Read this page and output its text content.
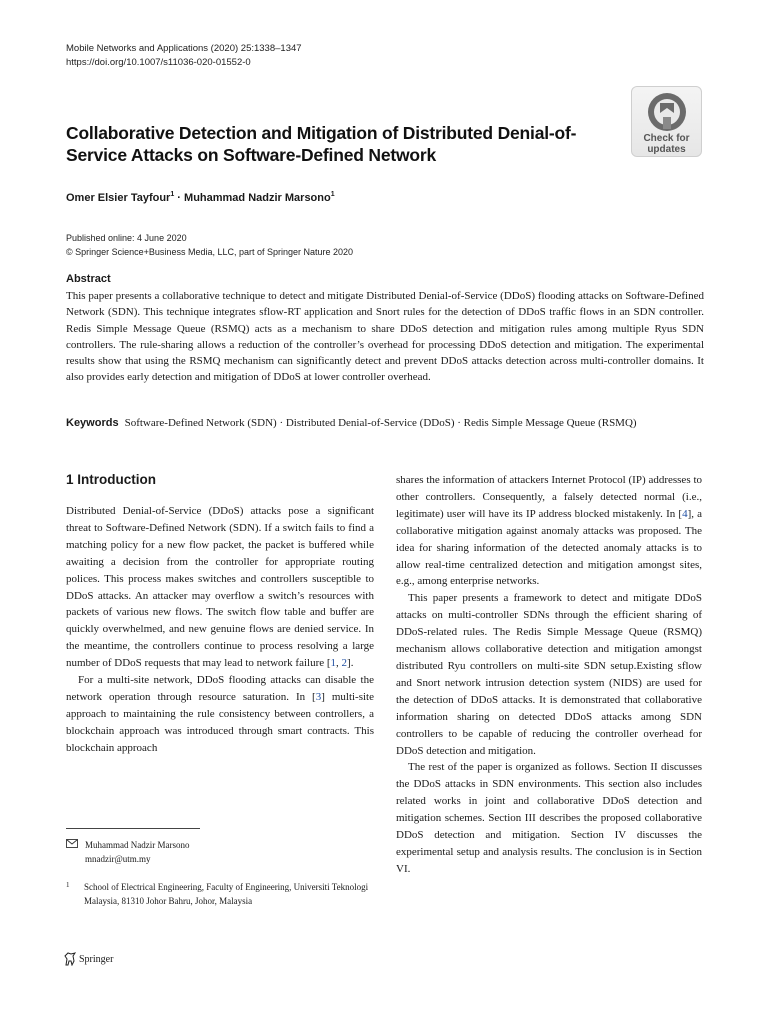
Mobile Networks and Applications (2020) 25:1338–1347
https://doi.org/10.1007/s11036-020-01552-0
Check for
updates
Collaborative Detection and Mitigation of Distributed Denial-of-Service Attacks on Software-Defined Network
Omer Elsier Tayfour$^1$ · Muhammad Nadzir Marsono$^1$
Published online: 4 June 2020
© Springer Science+Business Media, LLC, part of Springer Nature 2020
Abstract
This paper presents a collaborative technique to detect and mitigate Distributed Denial-of-Service (DDoS) flooding attacks on Software-Defined Network (SDN). This technique integrates sflow-RT application and Snort rules for the detection of DDoS traffic flows in an SDN controller. Redis Simple Message Queue (RSMQ) acts as a mechanism to share DDoS detection and mitigation rules among multiple Ryus SDN controllers. The rule-sharing allows a reduction of the controller’s overhead for processing DDoS detection and mitigation. The experimental results show that using the RSMQ mechanism can significantly detect and prevent DDoS attacks detection across multi-controller domains. It also provides early detection and mitigation of DDoS at lower controller overhead.
Keywords Software-Defined Network (SDN) · Distributed Denial-of-Service (DDoS) · Redis Simple Message Queue (RSMQ)
1 Introduction

Distributed Denial-of-Service (DDoS) attacks pose a significant threat to Software-Defined Network (SDN). If a switch fails to find a matching policy for a new flow packet, the packet is buffered while awaiting a decision from the controller for appropriate routing polices. This process makes switches and controllers susceptible to DDoS attacks. An attacker may overflow a switch’s resources with packets of various new flows. The switch flow table and buffer are quickly overwhelmed, and new genuine flows are denied service. In the meantime, the controllers continue to process resolving a large number of DDoS requests that may lead to network failure [1, 2].

For a multi-site network, DDoS flooding attacks can disable the network operation through resource saturation. In [3] multi-site approach to maintaining the rule consistency between controllers, a blockchain approach was introduced through smart contracts. This blockchain approach

shares the information of attackers Internet Protocol (IP) addresses to other controllers. Consequently, a falsely detected normal (i.e., legitimate) user will have its IP address blocked mistakenly. In [4], a collaborative mitigation against anomaly attacks was proposed. The idea for sharing information of the detected anomaly attacks is to allow real-time centralized detection and mitigation amongst sites, e.g., among enterprise networks.

This paper presents a framework to detect and mitigate DDoS attacks on multi-controller SDNs through the efficient sharing of DDoS-related rules. The Redis Simple Message Queue (RSMQ) mechanism allows collaborative detection and mitigation amongst distributed Ryu controllers on multi-site SDN setup.Existing sflow and Snort network intrusion detection system (NIDS) are used for the detection of DDoS attacks. It is demonstrated that collaborative information sharing on detected DDoS attacks among SDN controllers to be capable of reducing the controller overhead for DDoS detection and mitigation.

The rest of the paper is organized as follows. Section II discusses the DDoS attacks in SDN environments. This section also includes related works in joint and collaborative DDoS detection and mitigation schemes. Section III describes the proposed collaborative DDoS detection and mitigation. Section IV discusses the experimental setup and analysis results. The conclusion is in Section VI.

Muhammad Nadzir Marsono
mnadzir@utm.my
1 School of Electrical Engineering, Faculty of Engineering, Universiti Teknologi Malaysia, 81310 Johor Bahru, Johor, Malaysia
Springer
